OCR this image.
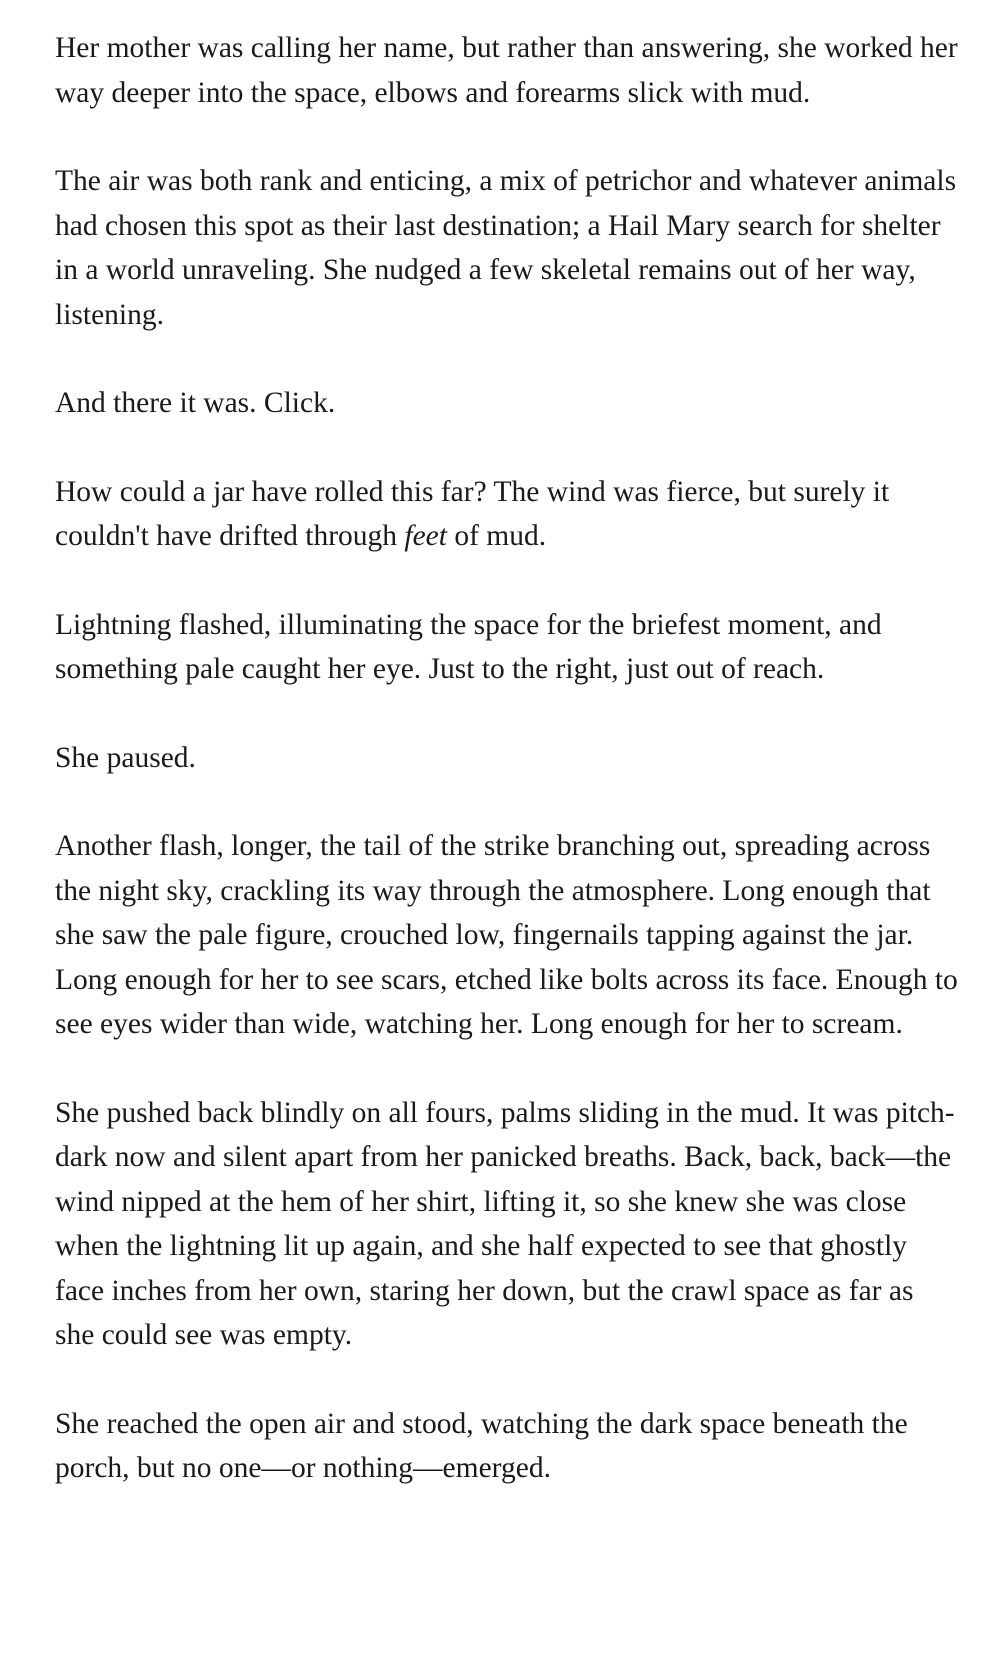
Her mother was calling her name, but rather than answering, she worked her way deeper into the space, elbows and forearms slick with mud.

The air was both rank and enticing, a mix of petrichor and whatever animals had chosen this spot as their last destination; a Hail Mary search for shelter in a world unraveling. She nudged a few skeletal remains out of her way, listening.

And there it was. Click.

How could a jar have rolled this far? The wind was fierce, but surely it couldn't have drifted through feet of mud.

Lightning flashed, illuminating the space for the briefest moment, and something pale caught her eye. Just to the right, just out of reach.

She paused.

Another flash, longer, the tail of the strike branching out, spreading across the night sky, crackling its way through the atmosphere. Long enough that she saw the pale figure, crouched low, fingernails tapping against the jar. Long enough for her to see scars, etched like bolts across its face. Enough to see eyes wider than wide, watching her. Long enough for her to scream.

She pushed back blindly on all fours, palms sliding in the mud. It was pitch-dark now and silent apart from her panicked breaths. Back, back, back—the wind nipped at the hem of her shirt, lifting it, so she knew she was close when the lightning lit up again, and she half expected to see that ghostly face inches from her own, staring her down, but the crawl space as far as she could see was empty.

She reached the open air and stood, watching the dark space beneath the porch, but no one—or nothing—emerged.
